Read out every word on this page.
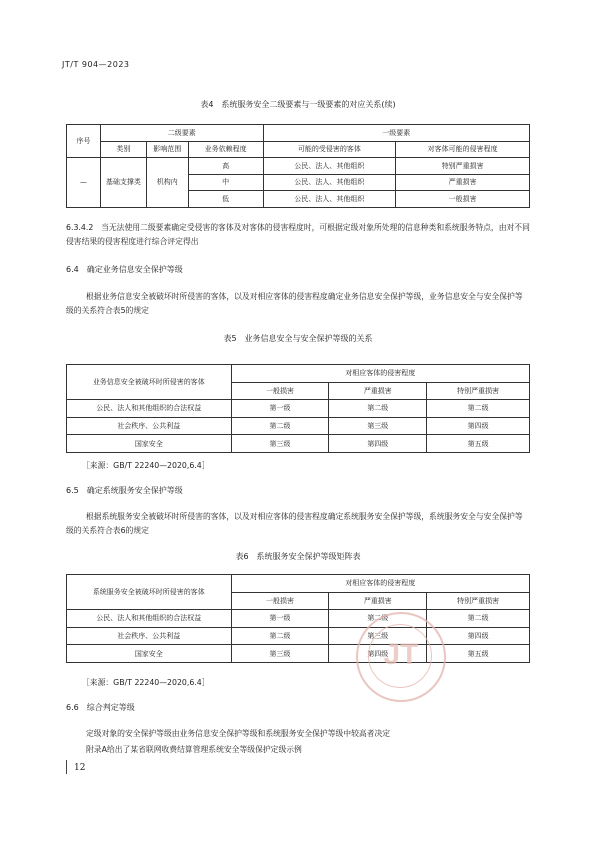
JT/T 904—2023
表4　系统服务安全二级要素与一级要素的对应关系(续)
序号	二级要素			一级要素	
	类别	影响范围	业务依赖程度	可能的受侵害的客体	对客体可能的侵害程度
—	基础支撑类	机构内	高	公民、法人、其他组织	特别严重损害
			中	公民、法人、其他组织	严重损害
			低	公民、法人、其他组织	一般损害
6.3.4.2　当无法使用二级要素确定受侵害的客体及对客体的侵害程度时，可根据定级对象所处理的信息种类和系统服务特点，由对不同侵害结果的侵害程度进行综合评定得出
6.4　确定业务信息安全保护等级
根据业务信息安全被破坏时所侵害的客体，以及对相应客体的侵害程度确定业务信息安全保护等级，业务信息安全与安全保护等级的关系符合表5的规定
表5　业务信息安全与安全保护等级的关系
业务信息安全被破坏时所侵害的客体	对相应客体的侵害程度		
	一般损害	严重损害	特别严重损害
公民、法人和其他组织的合法权益	第一级	第二级	第二级
社会秩序、公共利益	第二级	第三级	第四级
国家安全	第三级	第四级	第五级
［来源：GB/T 22240—2020,6.4］
6.5　确定系统服务安全保护等级
根据系统服务安全被破坏时所侵害的客体，以及对相应客体的侵害程度确定系统服务安全保护等级，系统服务安全与安全保护等级的关系符合表6的规定
表6　系统服务安全保护等级矩阵表
系统服务安全被破坏时所侵害的客体	对相应客体的侵害程度		
	一般损害	严重损害	特别严重损害
公民、法人和其他组织的合法权益	第一级	第二级	第二级
社会秩序、公共利益	第二级	第三级	第四级
国家安全	第三级	第四级	第五级
［来源：GB/T 22240—2020,6.4］
JT
6.6　综合判定等级
定级对象的安全保护等级由业务信息安全保护等级和系统服务安全保护等级中较高者决定
附录A给出了某省联网收费结算管理系统安全等级保护定级示例
12
